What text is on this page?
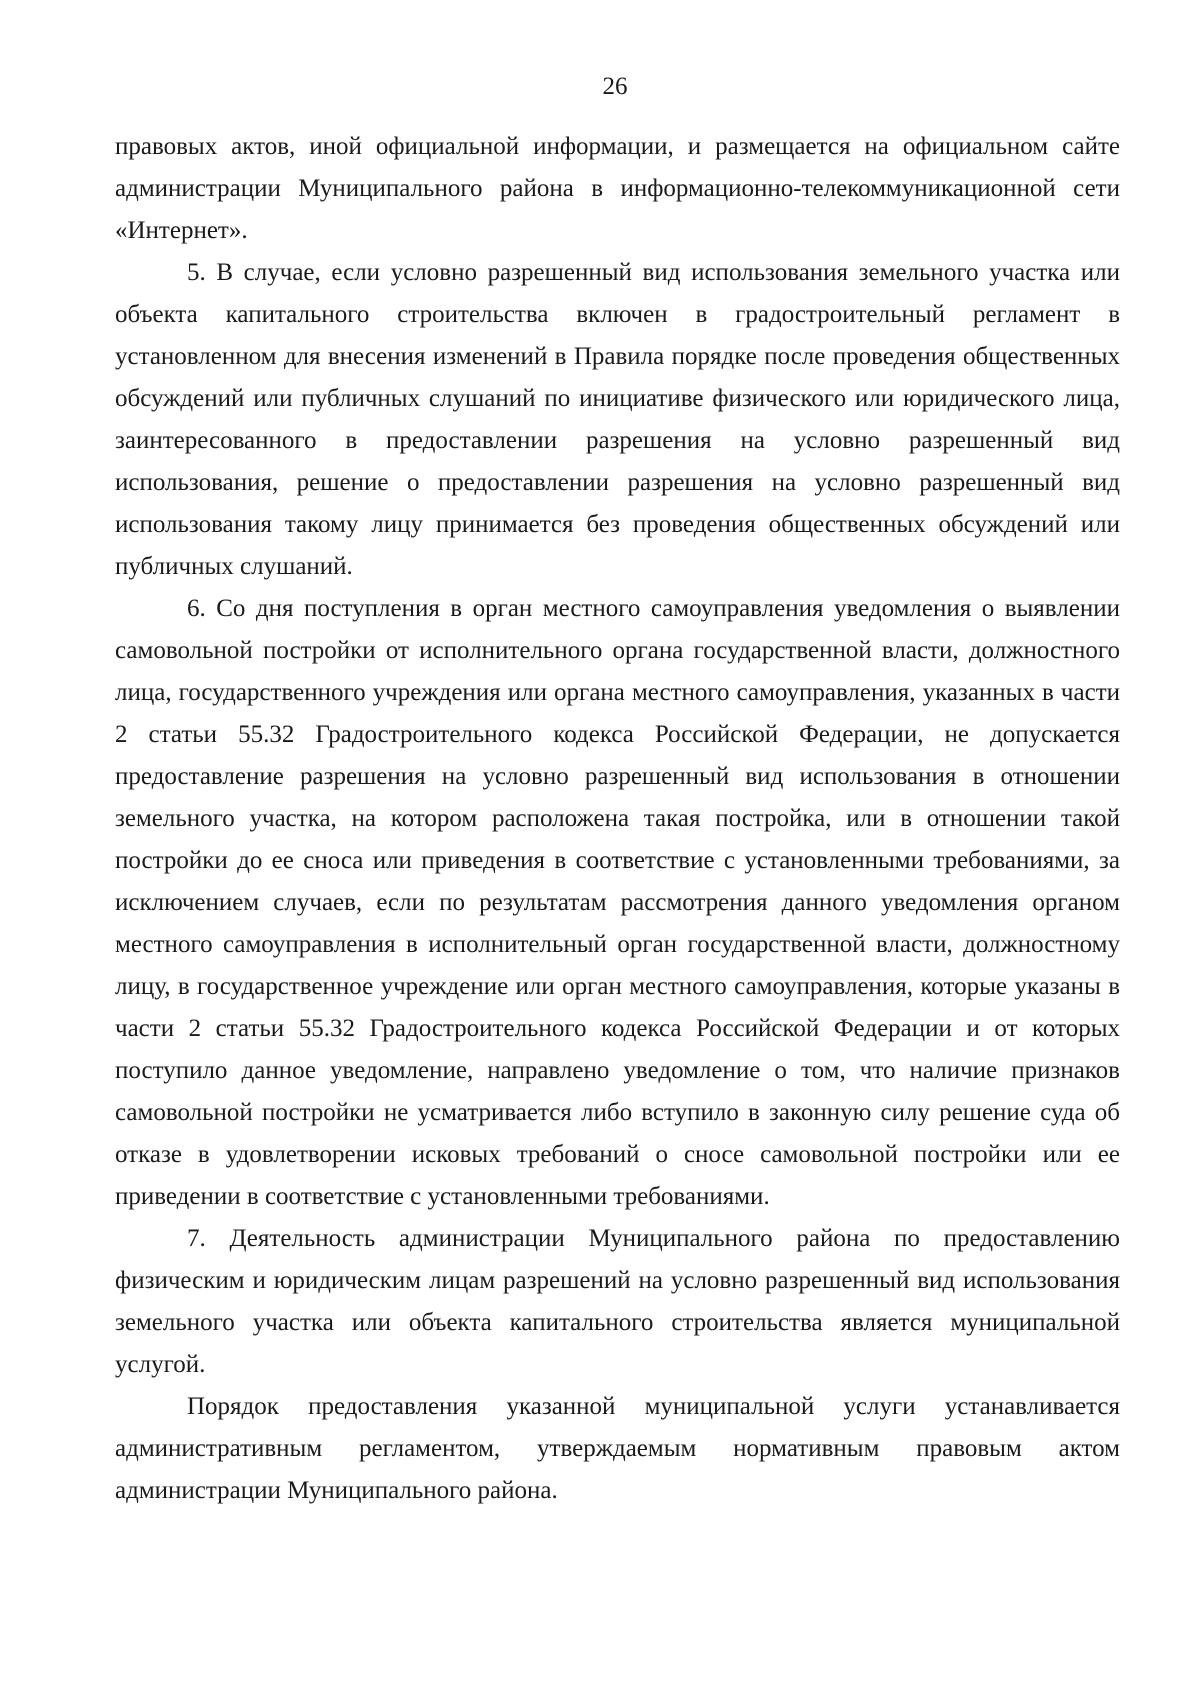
26

правовых актов, иной официальной информации, и размещается на официальном сайте администрации Муниципального района в информационно-телекоммуникационной сети «Интернет».

5. В случае, если условно разрешенный вид использования земельного участка или объекта капитального строительства включен в градостроительный регламент в установленном для внесения изменений в Правила порядке после проведения общественных обсуждений или публичных слушаний по инициативе физического или юридического лица, заинтересованного в предоставлении разрешения на условно разрешенный вид использования, решение о предоставлении разрешения на условно разрешенный вид использования такому лицу принимается без проведения общественных обсуждений или публичных слушаний.

6. Со дня поступления в орган местного самоуправления уведомления о выявлении самовольной постройки от исполнительного органа государственной власти, должностного лица, государственного учреждения или органа местного самоуправления, указанных в части 2 статьи 55.32 Градостроительного кодекса Российской Федерации, не допускается предоставление разрешения на условно разрешенный вид использования в отношении земельного участка, на котором расположена такая постройка, или в отношении такой постройки до ее сноса или приведения в соответствие с установленными требованиями, за исключением случаев, если по результатам рассмотрения данного уведомления органом местного самоуправления в исполнительный орган государственной власти, должностному лицу, в государственное учреждение или орган местного самоуправления, которые указаны в части 2 статьи 55.32 Градостроительного кодекса Российской Федерации и от которых поступило данное уведомление, направлено уведомление о том, что наличие признаков самовольной постройки не усматривается либо вступило в законную силу решение суда об отказе в удовлетворении исковых требований о сносе самовольной постройки или ее приведении в соответствие с установленными требованиями.

7. Деятельность администрации Муниципального района по предоставлению физическим и юридическим лицам разрешений на условно разрешенный вид использования земельного участка или объекта капитального строительства является муниципальной услугой.

Порядок предоставления указанной муниципальной услуги устанавливается административным регламентом, утверждаемым нормативным правовым актом администрации Муниципального района.
